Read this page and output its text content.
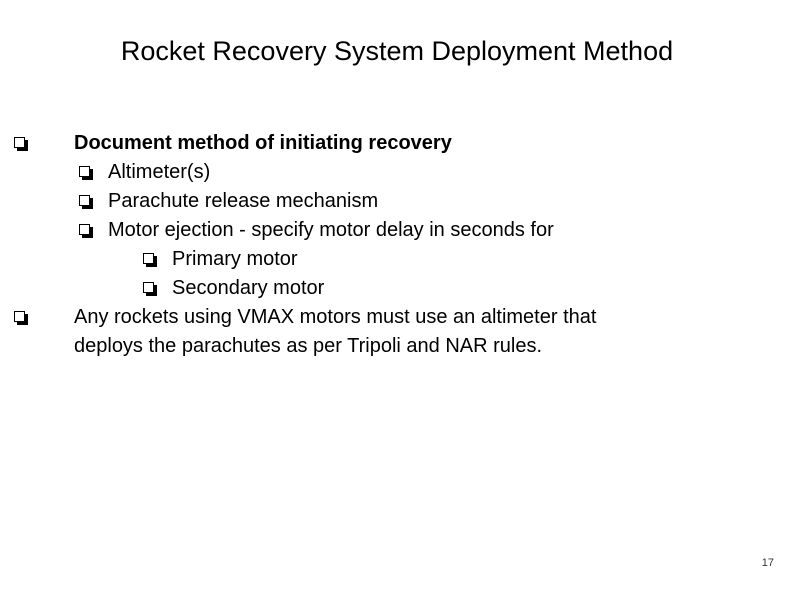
Rocket Recovery System Deployment Method
Document method of initiating recovery
Altimeter(s)
Parachute release mechanism
Motor ejection - specify motor delay in seconds for
Primary motor
Secondary motor
Any rockets using VMAX motors must use an altimeter that
deploys the parachutes as per Tripoli and NAR rules.
17
